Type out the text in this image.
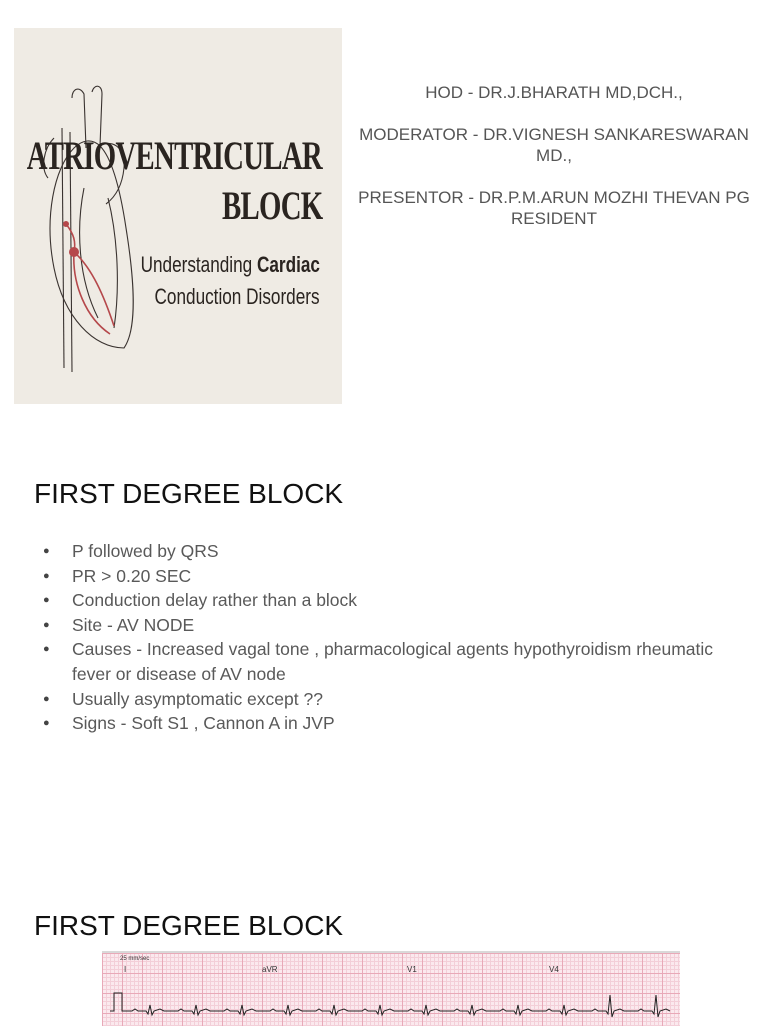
ATRIOVENTRICULAR
BLOCK
Understanding Cardiac
Conduction Disorders

HOD - DR.J.BHARATH MD,DCH.,

MODERATOR - DR.VIGNESH SANKARESWARAN MD.,

PRESENTOR - DR.P.M.ARUN MOZHI THEVAN PG RESIDENT

FIRST DEGREE BLOCK
● P followed by QRS
● PR > 0.20 SEC
● Conduction delay rather than a block
● Site - AV NODE
● Causes - Increased vagal tone , pharmacological agents hypothyroidism rheumatic fever or disease of AV node
● Usually asymptomatic except ??
● Signs - Soft S1 , Cannon A in JVP
FIRST DEGREE BLOCK
25 mm/sec
I	aVR	V1	V4
